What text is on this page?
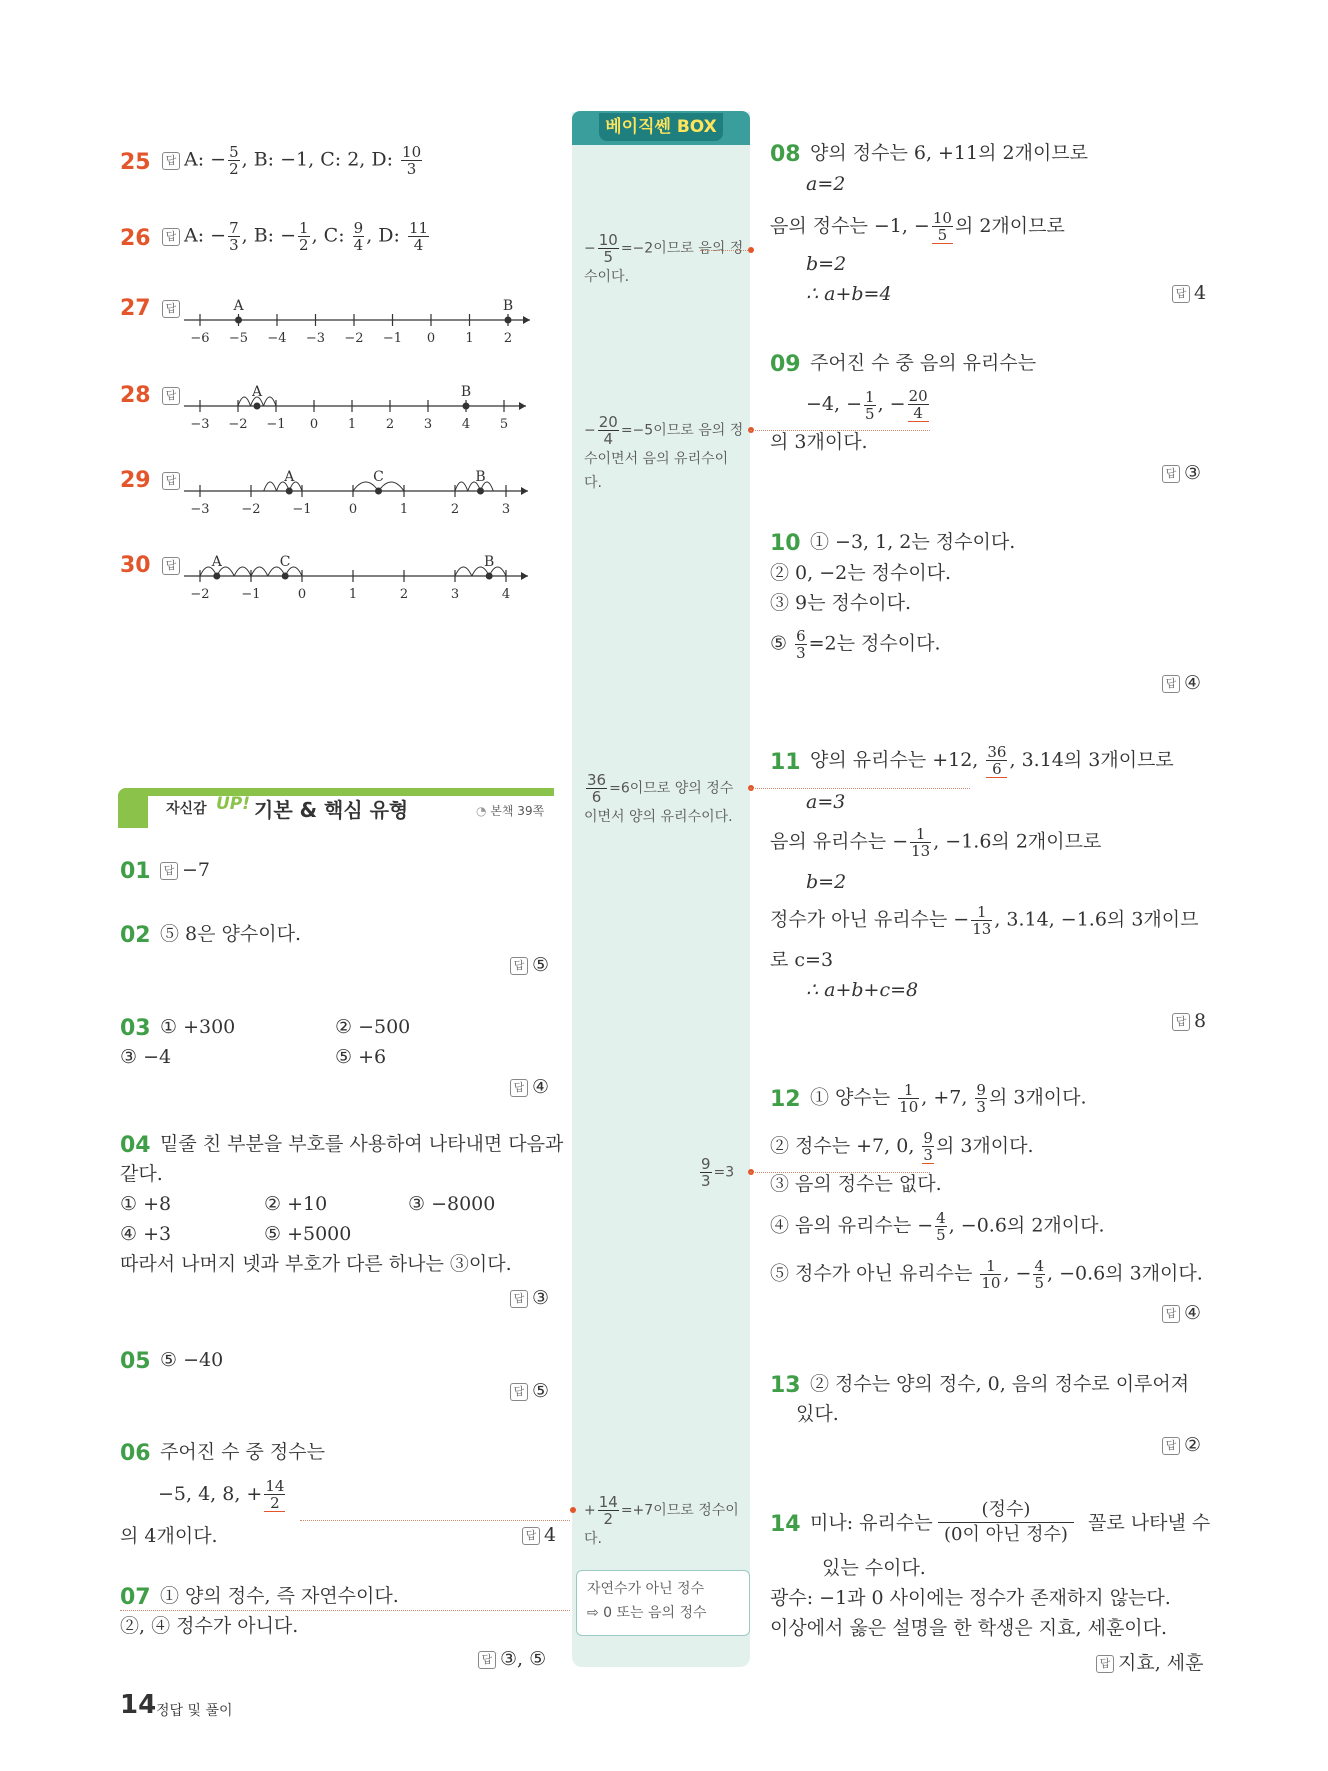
베이직쎈 BOX
− $\frac{10}{5} =-2$이므로 음의 정수이다.
− $\frac{20}{4} =-5$이므로 음의 정수이면서 음의 유리수이다.
$\frac{36}{6} =6$이므로 양의 정수이면서 양의 유리수이다.
$\frac{9}{3} =3$
+ $\frac{14}{2} =+7$이므로 정수이다.
자연수가 아닌 정수
⇨ 0 또는 음의 정수
25	답 A: − $\frac{5}{2}$ , B: −1, C: 2, D: $\frac{10}{3}$
26	답 A: − $\frac{7}{3}$ , B: − $\frac{1}{2}$ , C: $\frac{9}{4}$ , D: $\frac{11}{4}$
27	답
−6 −5 −4 −3 −2 −1 0 1 2
A	B
28	답
−3 −2 −1 0 1 2 3 4 5
A	B
29	답
−3 −2 −1	0	1	2	3
A	C	B
30	답
−2 −1	0	1	2	3	4
A	C	B
자신감 UP! 기본 & 핵심 유형	◔ 본책 39쪽
01	답 −7
02 ⑤ 8은 양수이다.
답 ⑤
03 ① +300	② −500
③ −4	⑤ +6
답 ④
04 밑줄 친 부분을 부호를 사용하여 나타내면 다음과
같다.
① +8	② +10	③ −8000
④ +3	⑤ +5000
따라서 나머지 넷과 부호가 다른 하나는 ③이다.
답 ③
05 ⑤ −40
답 ⑤
06 주어진 수 중 정수는
−5, 4, 8, + $\frac{14}{2}$
의 4개이다.	답 4
07 ① 양의 정수, 즉 자연수이다.
②, ④ 정수가 아니다.
답 ③, ⑤
08 양의 정수는 6, +11의 2개이므로
a=2
음의 정수는 −1, − $\frac{10}{5}$ 의 2개이므로
b=2
∴ a+b=4	답 4
09 주어진 수 중 음의 유리수는
−4, − $\frac{1}{5}$ , − $\frac{20}{4}$
의 3개이다.
답 ③
10 ① −3, 1, 2는 정수이다.
② 0, −2는 정수이다.
③ 9는 정수이다.
⑤ $\frac{6}{3} =2$는 정수이다.
답 ④
11 양의 유리수는 +12, $\frac{36}{6}$ , 3.14의 3개이므로
a=3
음의 유리수는 − $\frac{1}{13}$ , −1.6의 2개이므로
b=2
정수가 아닌 유리수는 − $\frac{1}{13}$ , 3.14, −1.6의 3개이므
로 c=3
∴ a+b+c=8
답 8
12 ① 양수는 $\frac{1}{10}$ , +7, $\frac{9}{3}$ 의 3개이다.
② 정수는 +7, 0, $\frac{9}{3}$ 의 3개이다.
③ 음의 정수는 없다.
④ 음의 유리수는 − $\frac{4}{5}$ , −0.6의 2개이다.
⑤ 정수가 아닌 유리수는 $\frac{1}{10}$ , − $\frac{4}{5}$ , −0.6의 3개이다.
답 ④
13 ② 정수는 양의 정수, 0, 음의 정수로 이루어져
있다.
답 ②
14 미나: 유리수는
(정수)
(0이 아닌 정수)
꼴로 나타낼 수
있는 수이다.
광수: −1과 0 사이에는 정수가 존재하지 않는다.
이상에서 옳은 설명을 한 학생은 지효, 세훈이다.
답 지효, 세훈
14 정답 및 풀이
